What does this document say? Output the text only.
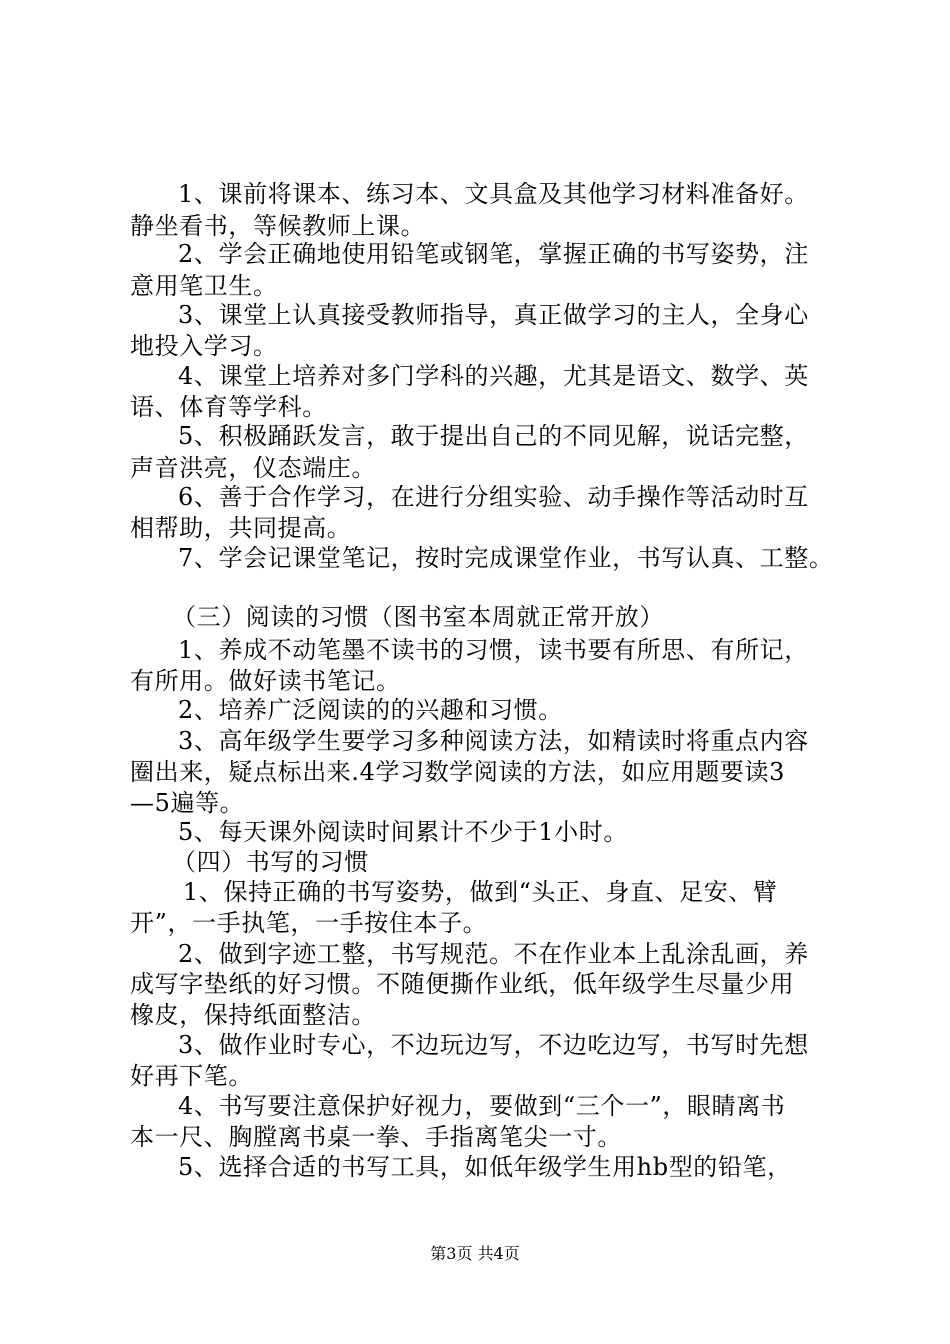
1、课前将课本、练习本、文具盒及其他学习材料准备好。
静坐看书，等候教师上课。
2、学会正确地使用铅笔或钢笔，掌握正确的书写姿势，注
意用笔卫生。
3、课堂上认真接受教师指导，真正做学习的主人，全身心
地投入学习。
4、课堂上培养对多门学科的兴趣，尤其是语文、数学、英
语、体育等学科。
5、积极踊跃发言，敢于提出自己的不同见解，说话完整，
声音洪亮，仪态端庄。
6、善于合作学习，在进行分组实验、动手操作等活动时互
相帮助，共同提高。
7、学会记课堂笔记，按时完成课堂作业，书写认真、工整。
（三）阅读的习惯（图书室本周就正常开放）
1、养成不动笔墨不读书的习惯，读书要有所思、有所记，
有所用。做好读书笔记。
2、培养广泛阅读的的兴趣和习惯。
3、高年级学生要学习多种阅读方法，如精读时将重点内容
圈出来，疑点标出来.4学习数学阅读的方法，如应用题要读3
—5遍等。
5、每天课外阅读时间累计不少于1小时。
（四）书写的习惯
1、保持正确的书写姿势，做到“头正、身直、足安、臂
开”，一手执笔，一手按住本子。
2、做到字迹工整，书写规范。不在作业本上乱涂乱画，养
成写字垫纸的好习惯。不随便撕作业纸，低年级学生尽量少用
橡皮，保持纸面整洁。
3、做作业时专心，不边玩边写，不边吃边写，书写时先想
好再下笔。
4、书写要注意保护好视力，要做到“三个一”，眼睛离书
本一尺、胸膛离书桌一拳、手指离笔尖一寸。
5、选择合适的书写工具，如低年级学生用hb型的铅笔，
第3页 共4页
